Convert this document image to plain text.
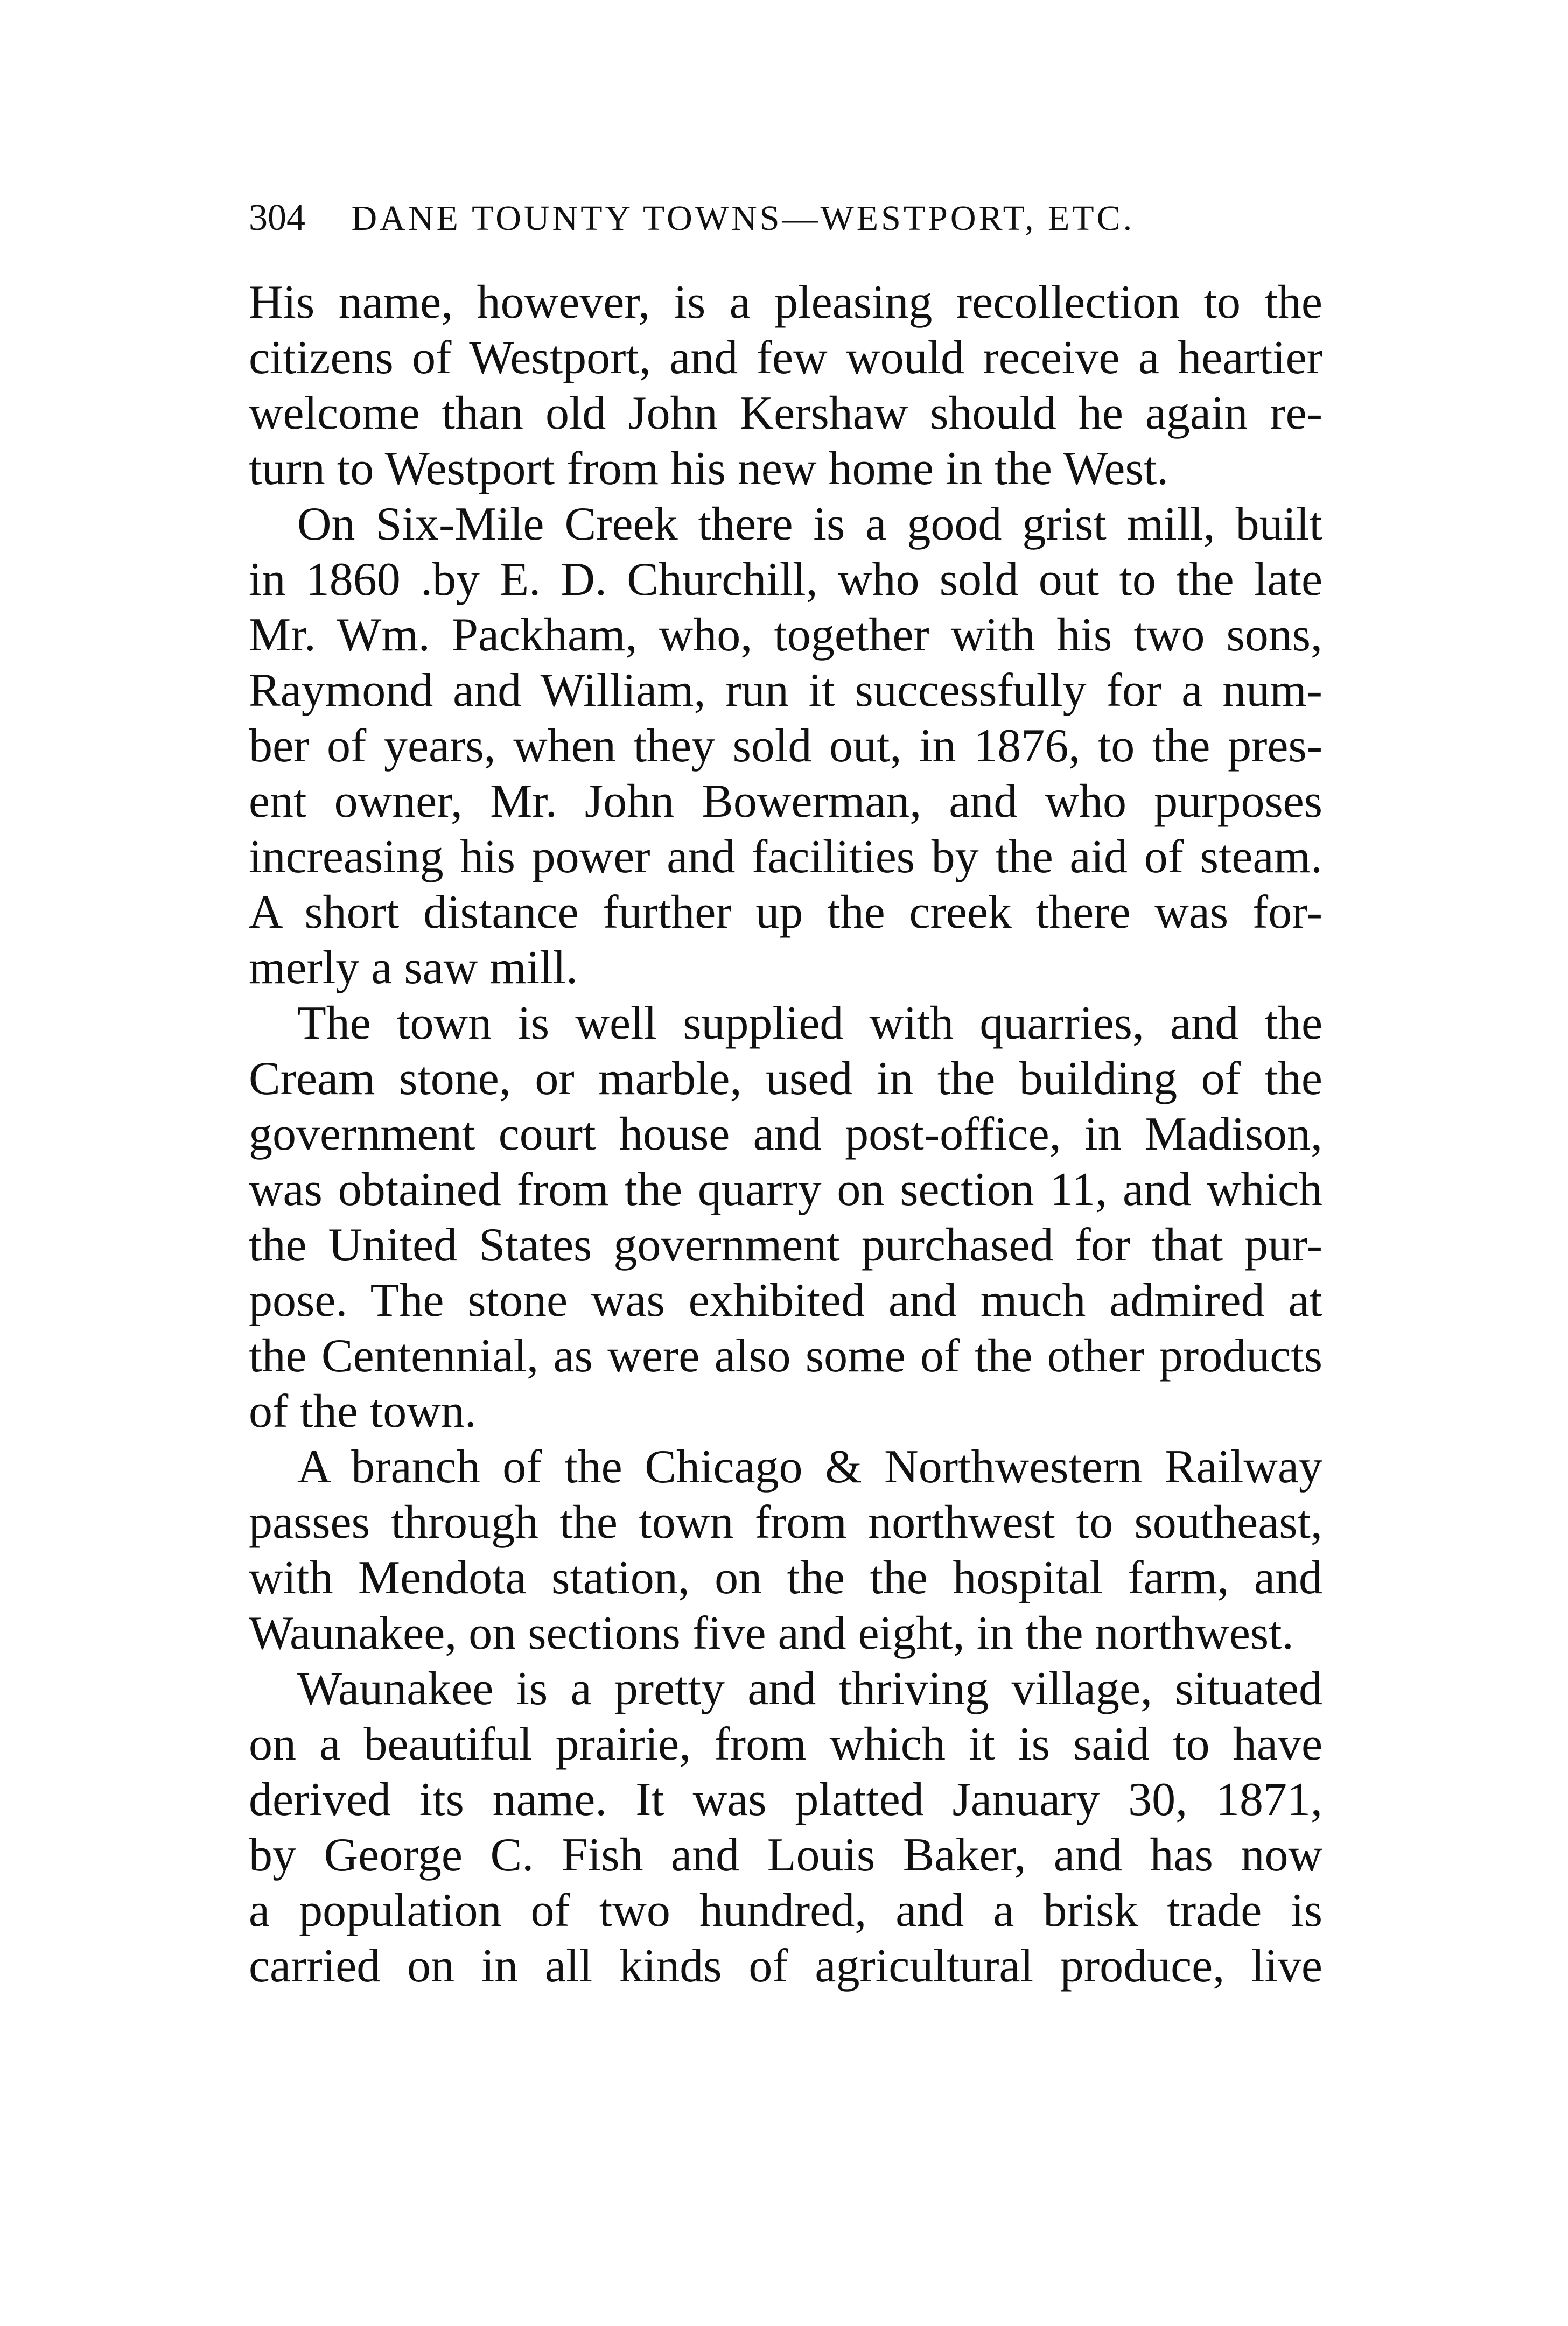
304 DANE TOUNTY TOWNS—WESTPORT, ETC.
His name, however, is a pleasing recollection to the
citizens of Westport, and few would receive a heartier
welcome than old John Kershaw should he again re-
turn to Westport from his new home in the West.
On Six-Mile Creek there is a good grist mill, built
in 1860 .by E. D. Churchill, who sold out to the late
Mr. Wm. Packham, who, together with his two sons,
Raymond and William, run it successfully for a num-
ber of years, when they sold out, in 1876, to the pres-
ent owner, Mr. John Bowerman, and who purposes
increasing his power and facilities by the aid of steam.
A short distance further up the creek there was for-
merly a saw mill.
The town is well supplied with quarries, and the
Cream stone, or marble, used in the building of the
government court house and post-office, in Madison,
was obtained from the quarry on section 11, and which
the United States government purchased for that pur-
pose. The stone was exhibited and much admired at
the Centennial, as were also some of the other products
of the town.
A branch of the Chicago & Northwestern Railway
passes through the town from northwest to southeast,
with Mendota station, on the the hospital farm, and
Waunakee, on sections five and eight, in the northwest.
Waunakee is a pretty and thriving village, situated
on a beautiful prairie, from which it is said to have
derived its name. It was platted January 30, 1871,
by George C. Fish and Louis Baker, and has now
a population of two hundred, and a brisk trade is
carried on in all kinds of agricultural produce, live
